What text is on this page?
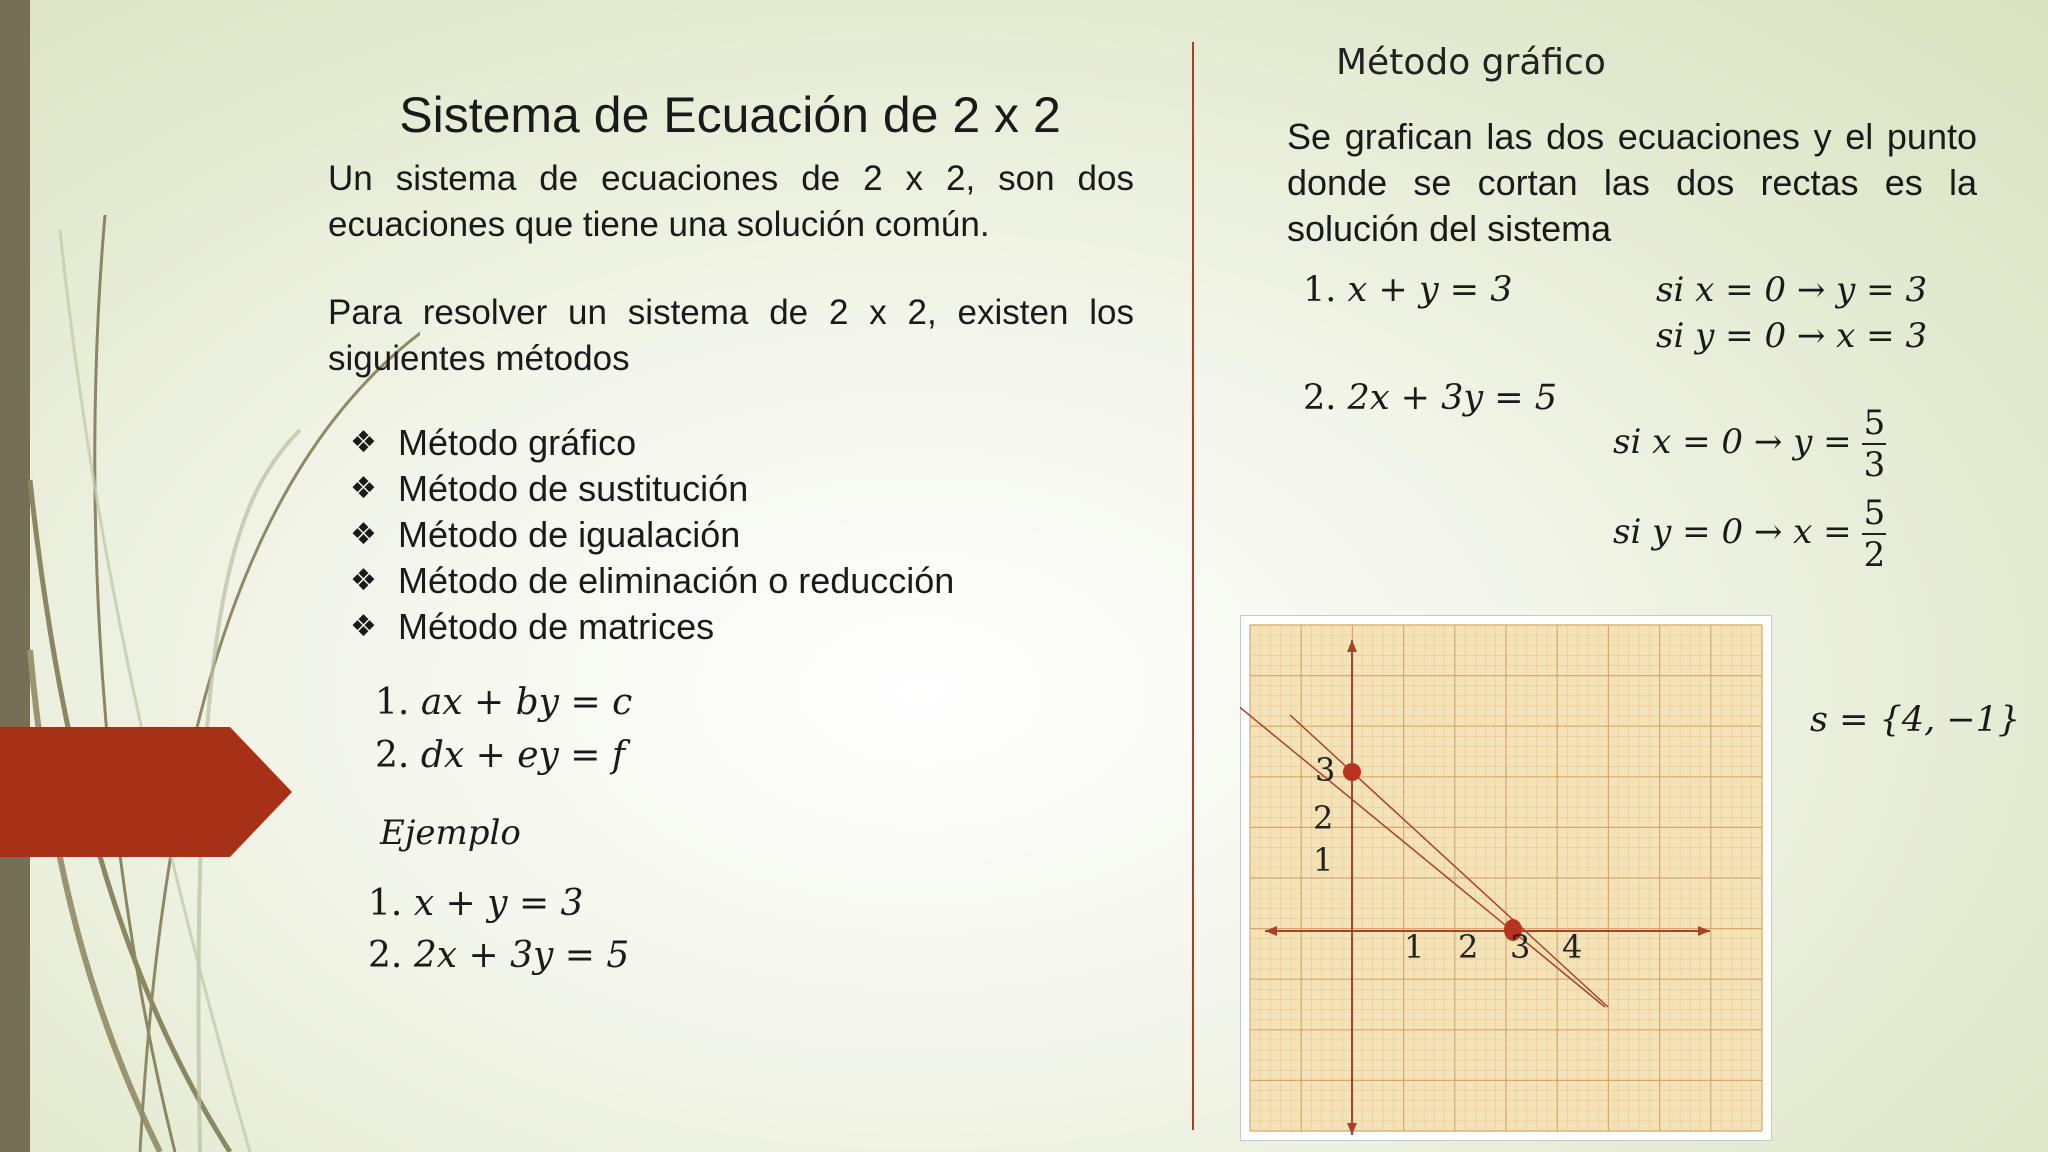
Sistema de Ecuación de 2 x 2

Un sistema de ecuaciones de 2 x 2, son dos ecuaciones que tiene una solución común.

Para resolver un sistema de 2 x 2, existen los siguientes métodos

❖ Método gráfico
❖ Método de sustitución
❖ Método de igualación
❖ Método de eliminación o reducción
❖ Método de matrices
1. ax + by = c
2. dx + ey = f
Ejemplo
1. x + y = 3
2. 2x + 3y = 5
Método gráfico

Se grafican las dos ecuaciones y el punto donde se cortan las dos rectas es la solución del sistema

1. x + y = 3	si x = 0 → y = 3
si y = 0 → x = 3
2. 2x + 3y = 5
si $x = 0 \to y = \frac{5}{3}$
si $y = 0 \to x = \frac{5}{2}$
s = {4, −1}
1 2 3 4
3
2
1
